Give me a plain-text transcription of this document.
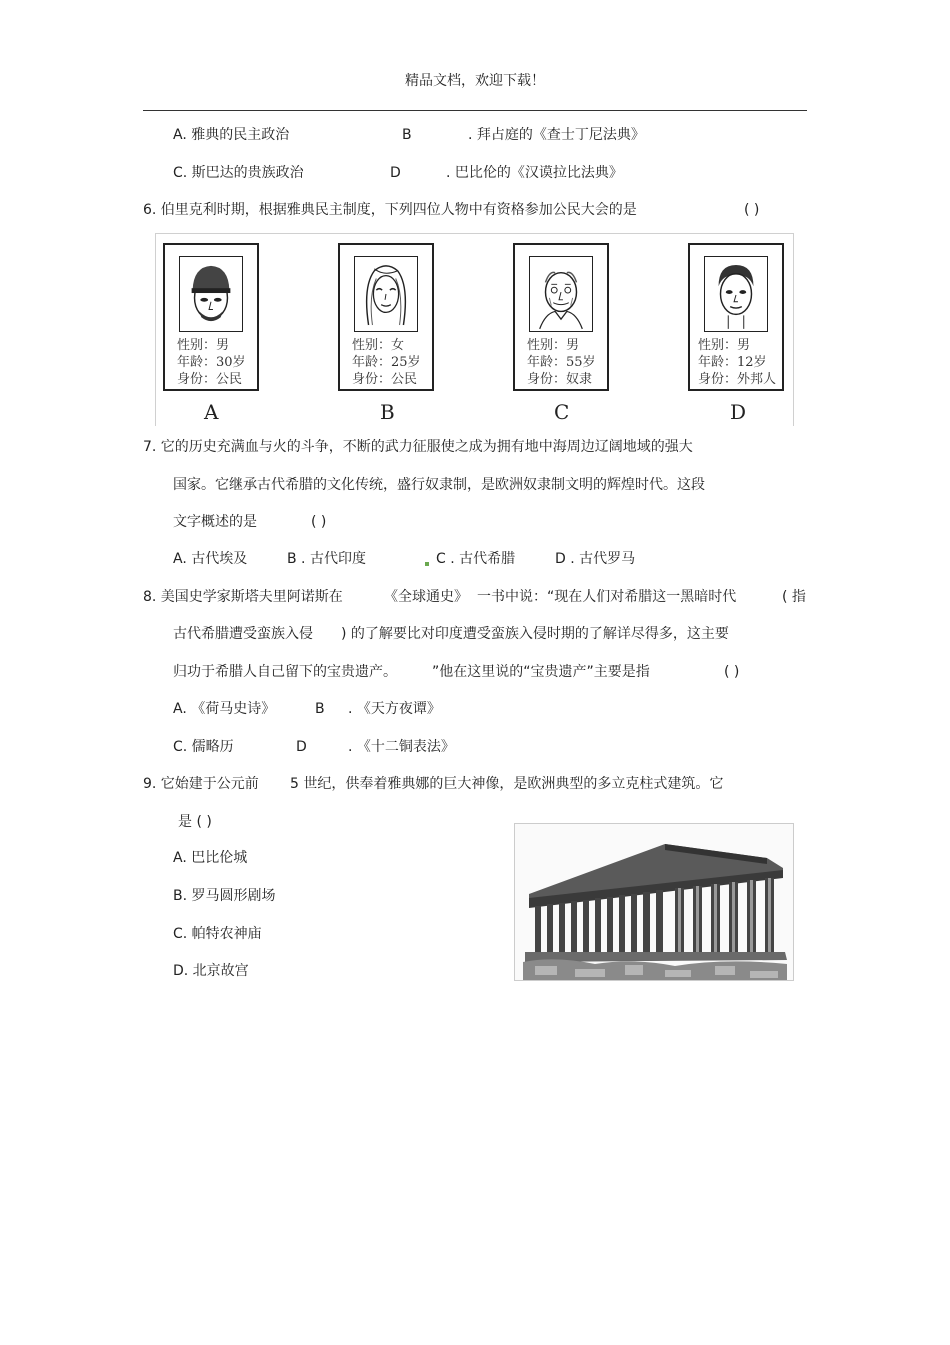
精品文档，欢迎下载！
A. 雅典的民主政治	B	. 拜占庭的《查士丁尼法典》
C. 斯巴达的贵族政治	D	. 巴比伦的《汉谟拉比法典》
6. 伯里克利时期，根据雅典民主制度，下列四位人物中有资格参加公民大会的是	( )
性别：男
年龄：30岁
身份：公民
A
性别：女
年龄：25岁
身份：公民
B
性别：男
年龄：55岁
身份：奴隶
C
性别：男
年龄：12岁
身份：外邦人
D
7. 它的历史充满血与火的斗争，不断的武力征服使之成为拥有地中海周边辽阔地域的强大
国家。它继承古代希腊的文化传统，盛行奴隶制，是欧洲奴隶制文明的辉煌时代。这段
文字概述的是	( )
A. 古代埃及	B . 古代印度	C . 古代希腊	D . 古代罗马
8. 美国史学家斯塔夫里阿诺斯在	《全球通史》 一书中说：“现在人们对希腊这一黑暗时代	( 指
古代希腊遭受蛮族入侵 ) 的了解要比对印度遭受蛮族入侵时期的了解详尽得多，这主要
归功于希腊人自己留下的宝贵遗产。	”他在这里说的“宝贵遗产”主要是指	( )
A. 《荷马史诗》	B . 《天方夜谭》
C. 儒略历	D	. 《十二铜表法》
9. 它始建于公元前 5 世纪，供奉着雅典娜的巨大神像，是欧洲典型的多立克柱式建筑。它
是 ( )
A. 巴比伦城
B. 罗马圆形剧场
C. 帕特农神庙
D. 北京故宫
